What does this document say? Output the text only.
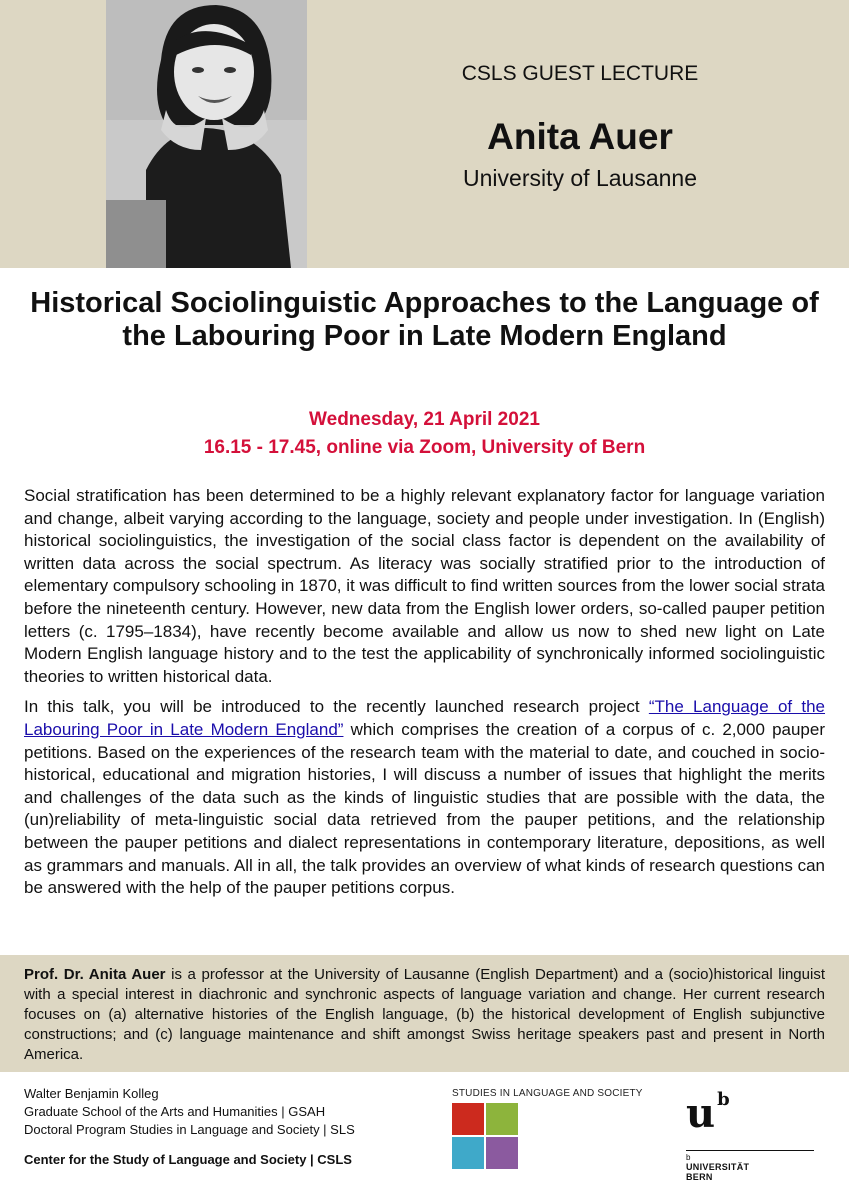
CSLS GUEST LECTURE
Anita Auer
University of Lausanne
Historical Sociolinguistic Approaches to the Language of the Labouring Poor in Late Modern England
Wednesday, 21 April 2021
16.15 - 17.45, online via Zoom, University of Bern

Social stratification has been determined to be a highly relevant explanatory factor for language variation and change, albeit varying according to the language, society and people under investigation. In (English) historical sociolinguistics, the investigation of the social class factor is dependent on the availability of written data across the social spectrum. As literacy was socially stratified prior to the introduction of elementary compulsory schooling in 1870, it was difficult to find written sources from the lower social strata before the nineteenth century. However, new data from the English lower orders, so-called pauper petition letters (c. 1795–1834), have recently become available and allow us now to shed new light on Late Modern English language history and to the test the applicability of synchronically informed sociolinguistic theories to written historical data.

In this talk, you will be introduced to the recently launched research project “The Language of the Labouring Poor in Late Modern England” which comprises the creation of a corpus of c. 2,000 pauper petitions. Based on the experiences of the research team with the material to date, and couched in socio-historical, educational and migration histories, I will discuss a number of issues that highlight the merits and challenges of the data such as the kinds of linguistic studies that are possible with the data, the (un)reliability of meta-linguistic social data retrieved from the pauper petitions, and the relationship between the pauper petitions and dialect representations in contemporary literature, depositions, as well as grammars and manuals. All in all, the talk provides an overview of what kinds of research questions can be answered with the help of the pauper petitions corpus.

Prof. Dr. Anita Auer is a professor at the University of Lausanne (English Department) and a (socio)historical linguist with a special interest in diachronic and synchronic aspects of language variation and change. Her current research focuses on (a) alternative histories of the English language, (b) the historical development of English subjunctive constructions; and (c) language maintenance and shift amongst Swiss heritage speakers past and present in North America.
Walter Benjamin Kolleg
Graduate School of the Arts and Humanities | GSAH
Doctoral Program Studies in Language and Society | SLS
Center for the Study of Language and Society | CSLS
STUDIES IN LANGUAGE AND SOCIETY u $^b$
b
UNIVERSITÄT
BERN
